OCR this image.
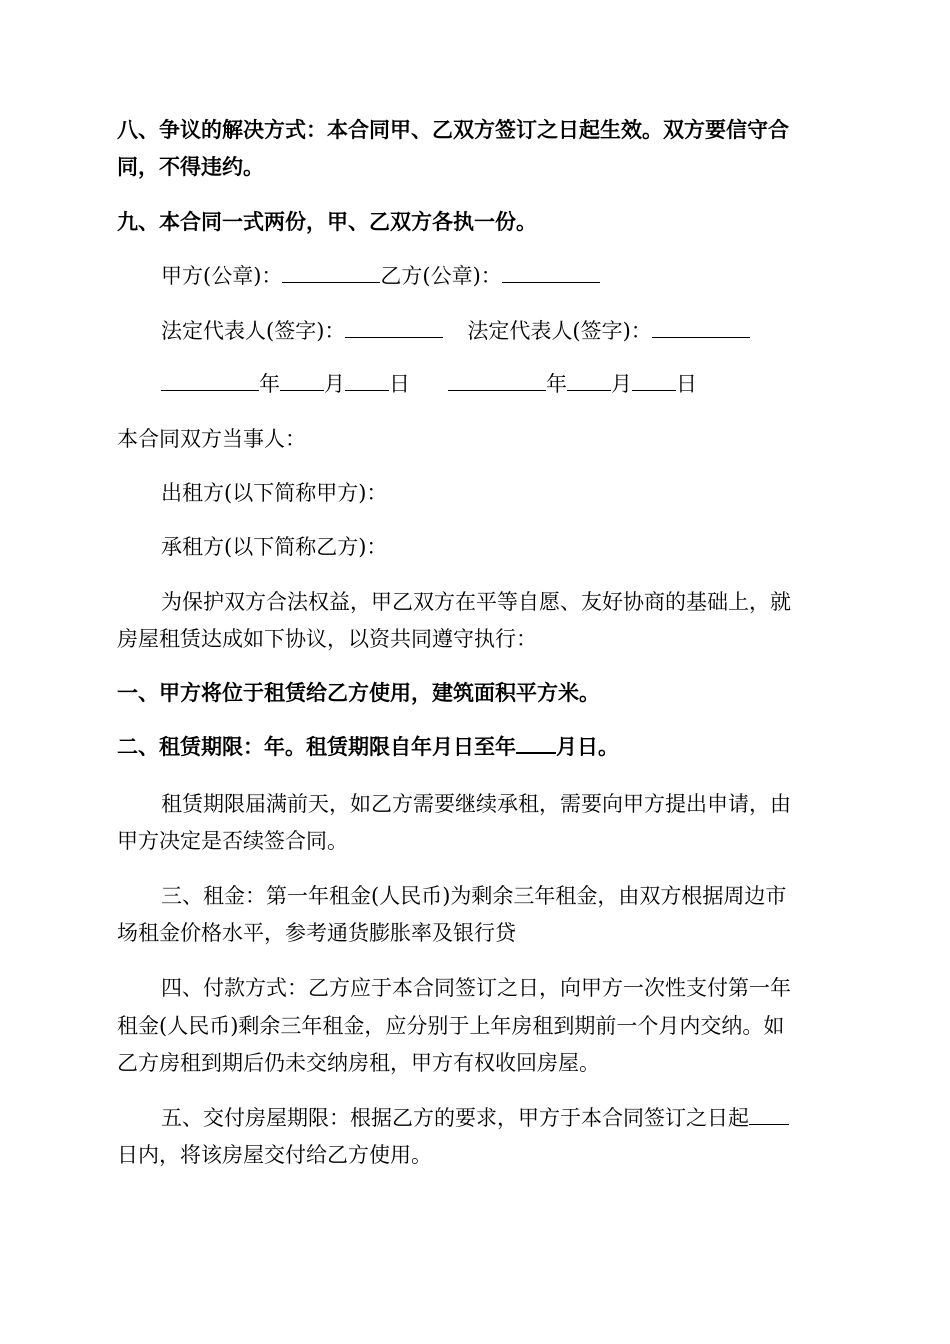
八、争议的解决方式：本合同甲、乙双方签订之日起生效。双方要信守合
同，不得违约。
九、本合同一式两份，甲、乙双方各执一份。
甲方(公章)：	乙方(公章)：
法定代表人(签字)：	法定代表人(签字)：
年 月 日	年 月 日
本合同双方当事人：
出租方(以下简称甲方)：
承租方(以下简称乙方)：
为保护双方合法权益，甲乙双方在平等自愿、友好协商的基础上，就
房屋租赁达成如下协议，以资共同遵守执行：
一、甲方将位于租赁给乙方使用，建筑面积平方米。
二、租赁期限：年。租赁期限自年月日至年 月日。
租赁期限届满前天，如乙方需要继续承租，需要向甲方提出申请，由
甲方决定是否续签合同。
三、租金：第一年租金(人民币)为剩余三年租金，由双方根据周边市
场租金价格水平，参考通货膨胀率及银行贷
四、付款方式：乙方应于本合同签订之日，向甲方一次性支付第一年
租金(人民币)剩余三年租金，应分别于上年房租到期前一个月内交纳。如
乙方房租到期后仍未交纳房租，甲方有权收回房屋。
五、交付房屋期限：根据乙方的要求，甲方于本合同签订之日起
日内，将该房屋交付给乙方使用。
